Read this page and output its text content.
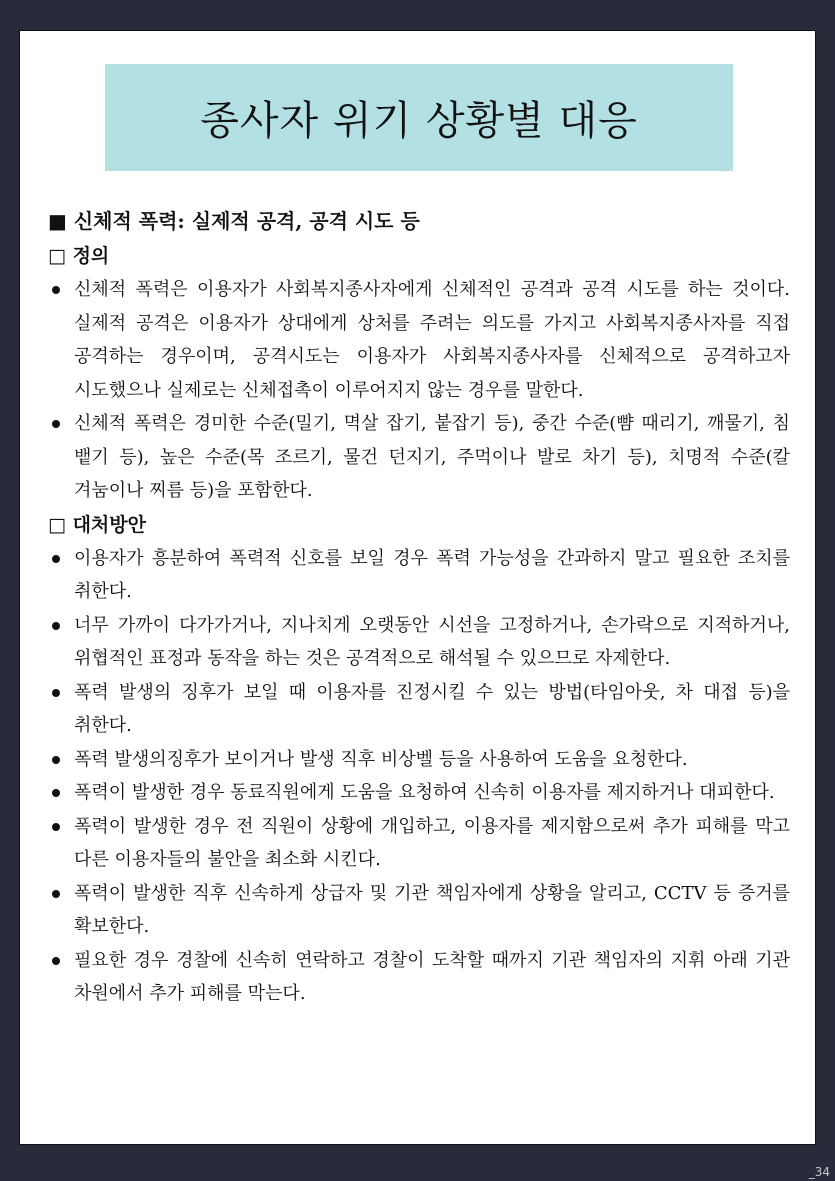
종사자 위기 상황별 대응
■ 신체적 폭력: 실제적 공격, 공격 시도 등
□ 정의
신체적 폭력은 이용자가 사회복지종사자에게 신체적인 공격과 공격 시도를 하는 것이다. 실제적 공격은 이용자가 상대에게 상처를 주려는 의도를 가지고 사회복지종사자를 직접 공격하는 경우이며, 공격시도는 이용자가 사회복지종사자를 신체적으로 공격하고자 시도했으나 실제로는 신체접촉이 이루어지지 않는 경우를 말한다.
신체적 폭력은 경미한 수준(밀기, 멱살 잡기, 붙잡기 등), 중간 수준(뺨 때리기, 깨물기, 침 뱉기 등), 높은 수준(목 조르기, 물건 던지기, 주먹이나 발로 차기 등), 치명적 수준(칼 겨눔이나 찌름 등)을 포함한다.
□ 대처방안
이용자가 흥분하여 폭력적 신호를 보일 경우 폭력 가능성을 간과하지 말고 필요한 조치를 취한다.
너무 가까이 다가가거나, 지나치게 오랫동안 시선을 고정하거나, 손가락으로 지적하거나, 위협적인 표정과 동작을 하는 것은 공격적으로 해석될 수 있으므로 자제한다.
폭력 발생의 징후가 보일 때 이용자를 진정시킬 수 있는 방법(타임아웃, 차 대접 등)을 취한다.
폭력 발생의징후가 보이거나 발생 직후 비상벨 등을 사용하여 도움을 요청한다.
폭력이 발생한 경우 동료직원에게 도움을 요청하여 신속히 이용자를 제지하거나 대피한다.
폭력이 발생한 경우 전 직원이 상황에 개입하고, 이용자를 제지함으로써 추가 피해를 막고 다른 이용자들의 불안을 최소화 시킨다.
폭력이 발생한 직후 신속하게 상급자 및 기관 책임자에게 상황을 알리고, CCTV 등 증거를 확보한다.
필요한 경우 경찰에 신속히 연락하고 경찰이 도착할 때까지 기관 책임자의 지휘 아래 기관 차원에서 추가 피해를 막는다.
_34
